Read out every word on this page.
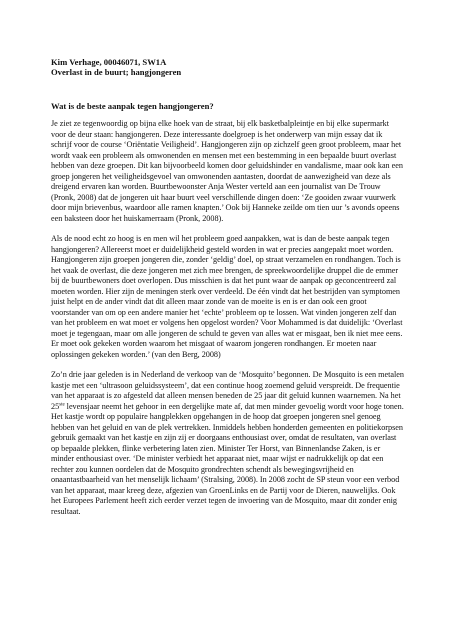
Kim Verhage, 00046071, SW1A

Overlast in de buurt; hangjongeren

Wat is de beste aanpak tegen hangjongeren?

Je ziet ze tegenwoordig op bijna elke hoek van de straat, bij elk basketbalpleintje en bij elke supermarkt voor de deur staan: hangjongeren. Deze interessante doelgroep is het onderwerp van mijn essay dat ik schrijf voor de course ‘Oriëntatie Veiligheid’. Hangjongeren zijn op zichzelf geen groot probleem, maar het wordt vaak een probleem als omwonenden en mensen met een bestemming in een bepaalde buurt overlast hebben van deze groepen. Dit kan bijvoorbeeld komen door geluidshinder en vandalisme, maar ook kan een groep jongeren het veiligheidsgevoel van omwonenden aantasten, doordat de aanwezigheid van deze als dreigend ervaren kan worden. Buurtbewoonster Anja Wester verteld aan een journalist van De Trouw (Pronk, 2008) dat de jongeren uit haar buurt veel verschillende dingen doen: ‘Ze gooiden zwaar vuurwerk door mijn brievenbus, waardoor alle ramen knapten.’ Ook bij Hanneke zeilde om tien uur ’s avonds opeens een baksteen door het huiskamerraam (Pronk, 2008).

Als de nood echt zo hoog is en men wil het probleem goed aanpakken, wat is dan de beste aanpak tegen hangjongeren? Allereerst moet er duidelijkheid gesteld worden in wat er precies aangepakt moet worden. Hangjongeren zijn groepen jongeren die, zonder ‘geldig’ doel, op straat verzamelen en rondhangen. Toch is het vaak de overlast, die deze jongeren met zich mee brengen, de spreekwoordelijke druppel die de emmer bij de buurtbewoners doet overlopen. Dus misschien is dat het punt waar de aanpak op geconcentreerd zal moeten worden. Hier zijn de meningen sterk over verdeeld. De één vindt dat het bestrijden van symptomen juist helpt en de ander vindt dat dit alleen maar zonde van de moeite is en is er dan ook een groot voorstander van om op een andere manier het ‘echte’ probleem op te lossen. Wat vinden jongeren zelf dan van het probleem en wat moet er volgens hen opgelost worden? Voor Mohammed is dat duidelijk: ‘Overlast moet je tegengaan, maar om alle jongeren de schuld te geven van alles wat er misgaat, ben ik niet mee eens. Er moet ook gekeken worden waarom het misgaat of waarom jongeren rondhangen. Er moeten naar oplossingen gekeken worden.’ (van den Berg, 2008)

Zo’n drie jaar geleden is in Nederland de verkoop van de ‘Mosquito’ begonnen. De Mosquito is een metalen kastje met een ‘ultrasoon geluidssysteem’, dat een continue hoog zoemend geluid verspreidt. De frequentie van het apparaat is zo afgesteld dat alleen mensen beneden de 25 jaar dit geluid kunnen waarnemen. Na het 25ste levensjaar neemt het gehoor in een dergelijke mate af, dat men minder gevoelig wordt voor hoge tonen. Het kastje wordt op populaire hangplekken opgehangen in de hoop dat groepen jongeren snel genoeg hebben van het geluid en van de plek vertrekken. Inmiddels hebben honderden gemeenten en politiekorpsen gebruik gemaakt van het kastje en zijn zij er doorgaans enthousiast over, omdat de resultaten, van overlast op bepaalde plekken, flinke verbetering laten zien. Minister Ter Horst, van Binnenlandse Zaken, is er minder enthousiast over. ‘De minister verbiedt het apparaat niet, maar wijst er nadrukkelijk op dat een rechter zou kunnen oordelen dat de Mosquito grondrechten schendt als bewegingsvrijheid en onaantastbaarheid van het menselijk lichaam’ (Stralsing, 2008). In 2008 zocht de SP steun voor een verbod van het apparaat, maar kreeg deze, afgezien van GroenLinks en de Partij voor de Dieren, nauwelijks. Ook het Europees Parlement heeft zich eerder verzet tegen de invoering van de Mosquito, maar dit zonder enig resultaat.
